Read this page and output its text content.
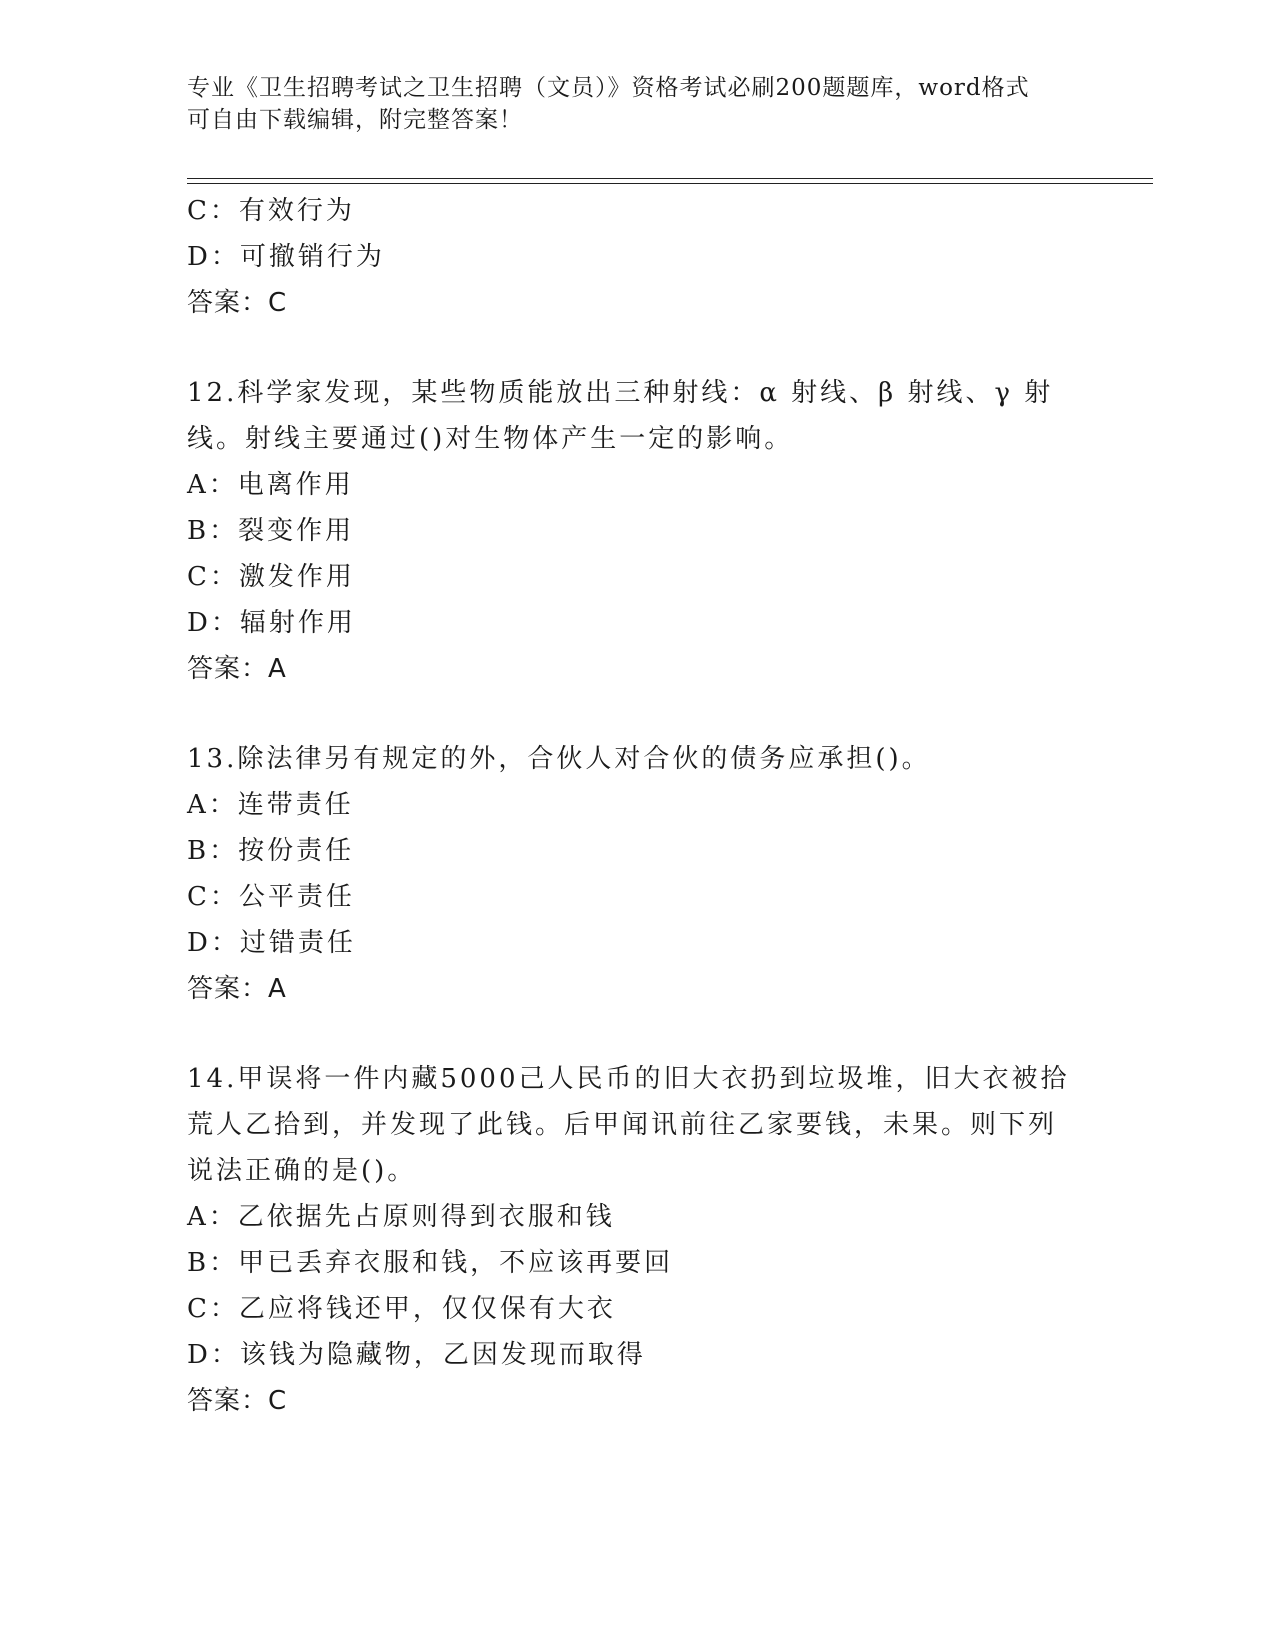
专业《卫生招聘考试之卫生招聘（文员）》资格考试必刷200题题库，word格式
可自由下载编辑，附完整答案！
C：有效行为
D：可撤销行为
答案：C
12.科学家发现，某些物质能放出三种射线：α 射线、β 射线、γ 射
线。射线主要通过()对生物体产生一定的影响。
A：电离作用
B：裂变作用
C：激发作用
D：辐射作用
答案：A
13.除法律另有规定的外，合伙人对合伙的债务应承担()。
A：连带责任
B：按份责任
C：公平责任
D：过错责任
答案：A
14.甲误将一件内藏5000己人民币的旧大衣扔到垃圾堆，旧大衣被拾
荒人乙拾到，并发现了此钱。后甲闻讯前往乙家要钱，未果。则下列
说法正确的是()。
A：乙依据先占原则得到衣服和钱
B：甲已丢弃衣服和钱，不应该再要回
C：乙应将钱还甲，仅仅保有大衣
D：该钱为隐藏物，乙因发现而取得
答案：C
